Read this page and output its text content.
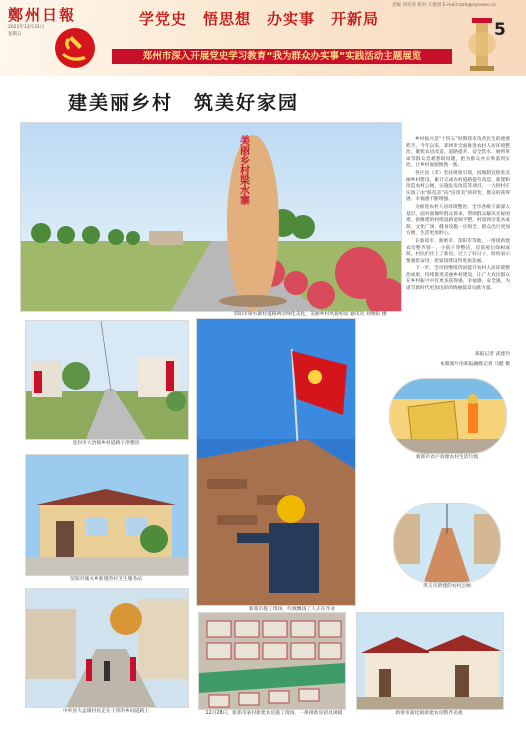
鄭州日報
2021年12月31日
星期五
责编 刘军涛 校对 王建国 E-mail:zzrb@zynews.cn
学党史　悟思想　办实事　开新局
郑州市深入开展党史学习教育“我为群众办实事”实践活动主题展览
5
建美丽乡村　筑美好家园
美丽乡村梁水寨
荥阳市梁水寨村道路两旁绿化美化，美丽乡村风貌初显 通讯员 刘俊阳 摄

乡村振兴是“十四五”时期我市改善民生的重要抓手。今年以来，郑州市全面推进农村人居环境整治，聚焦农房改造、道路提升、安全饮水、厕所革命等群众急难愁盼问题，把为群众办实事落到实处，让乡村面貌焕然一新。

各区县（市）坚持规划引领，因地制宜推进美丽乡村建设，累计完成农村道路提升改造、新建和改造农村公厕、实施危房改造等项目，一大批村庄实现了由“脏乱差”向“洁净美”的转变，群众的获得感、幸福感不断增强。

为推进农村人居环境整治，全市各级干部深入基层，面对面倾听群众诉求，帮助群众解决实际困难。新修建的村组道路宽阔平整，村道两旁花木成荫，文化广场、健身设施一应俱全，群众出行更加方便，生活更加舒心。

在新郑市、新密市、荥阳市等地，一排排新建农房整齐划一，小院干净整洁，房前屋后绿树成荫。村民们住上了新房，过上了好日子，纷纷表示要感恩奋进，把家园建设得更加美丽。

下一步，全市将继续巩固提升农村人居环境整治成果，持续推进美丽乡村建设，让广大农民群众在乡村振兴中有更多获得感、幸福感、安全感，为谱写新时代更加出彩的绚丽篇章贡献力量。

郑报记者 武建玲
本版图片由郑报融媒记者 马健 摄
登封市大冶镇乡村道路干净整洁
荥阳市城关乡新建的村卫生服务站
中牟县大孟镇村民走在干净的乡间道路上
新郑市施工现场，红旗飘扬工人正在作业
12月28日，新郑市某村新建农房施工现场，一排排新房初具规模
新郑市农户清理农村生活垃圾
巩义市新建的农村公厕
新密市超化镇新建农房整齐美观
